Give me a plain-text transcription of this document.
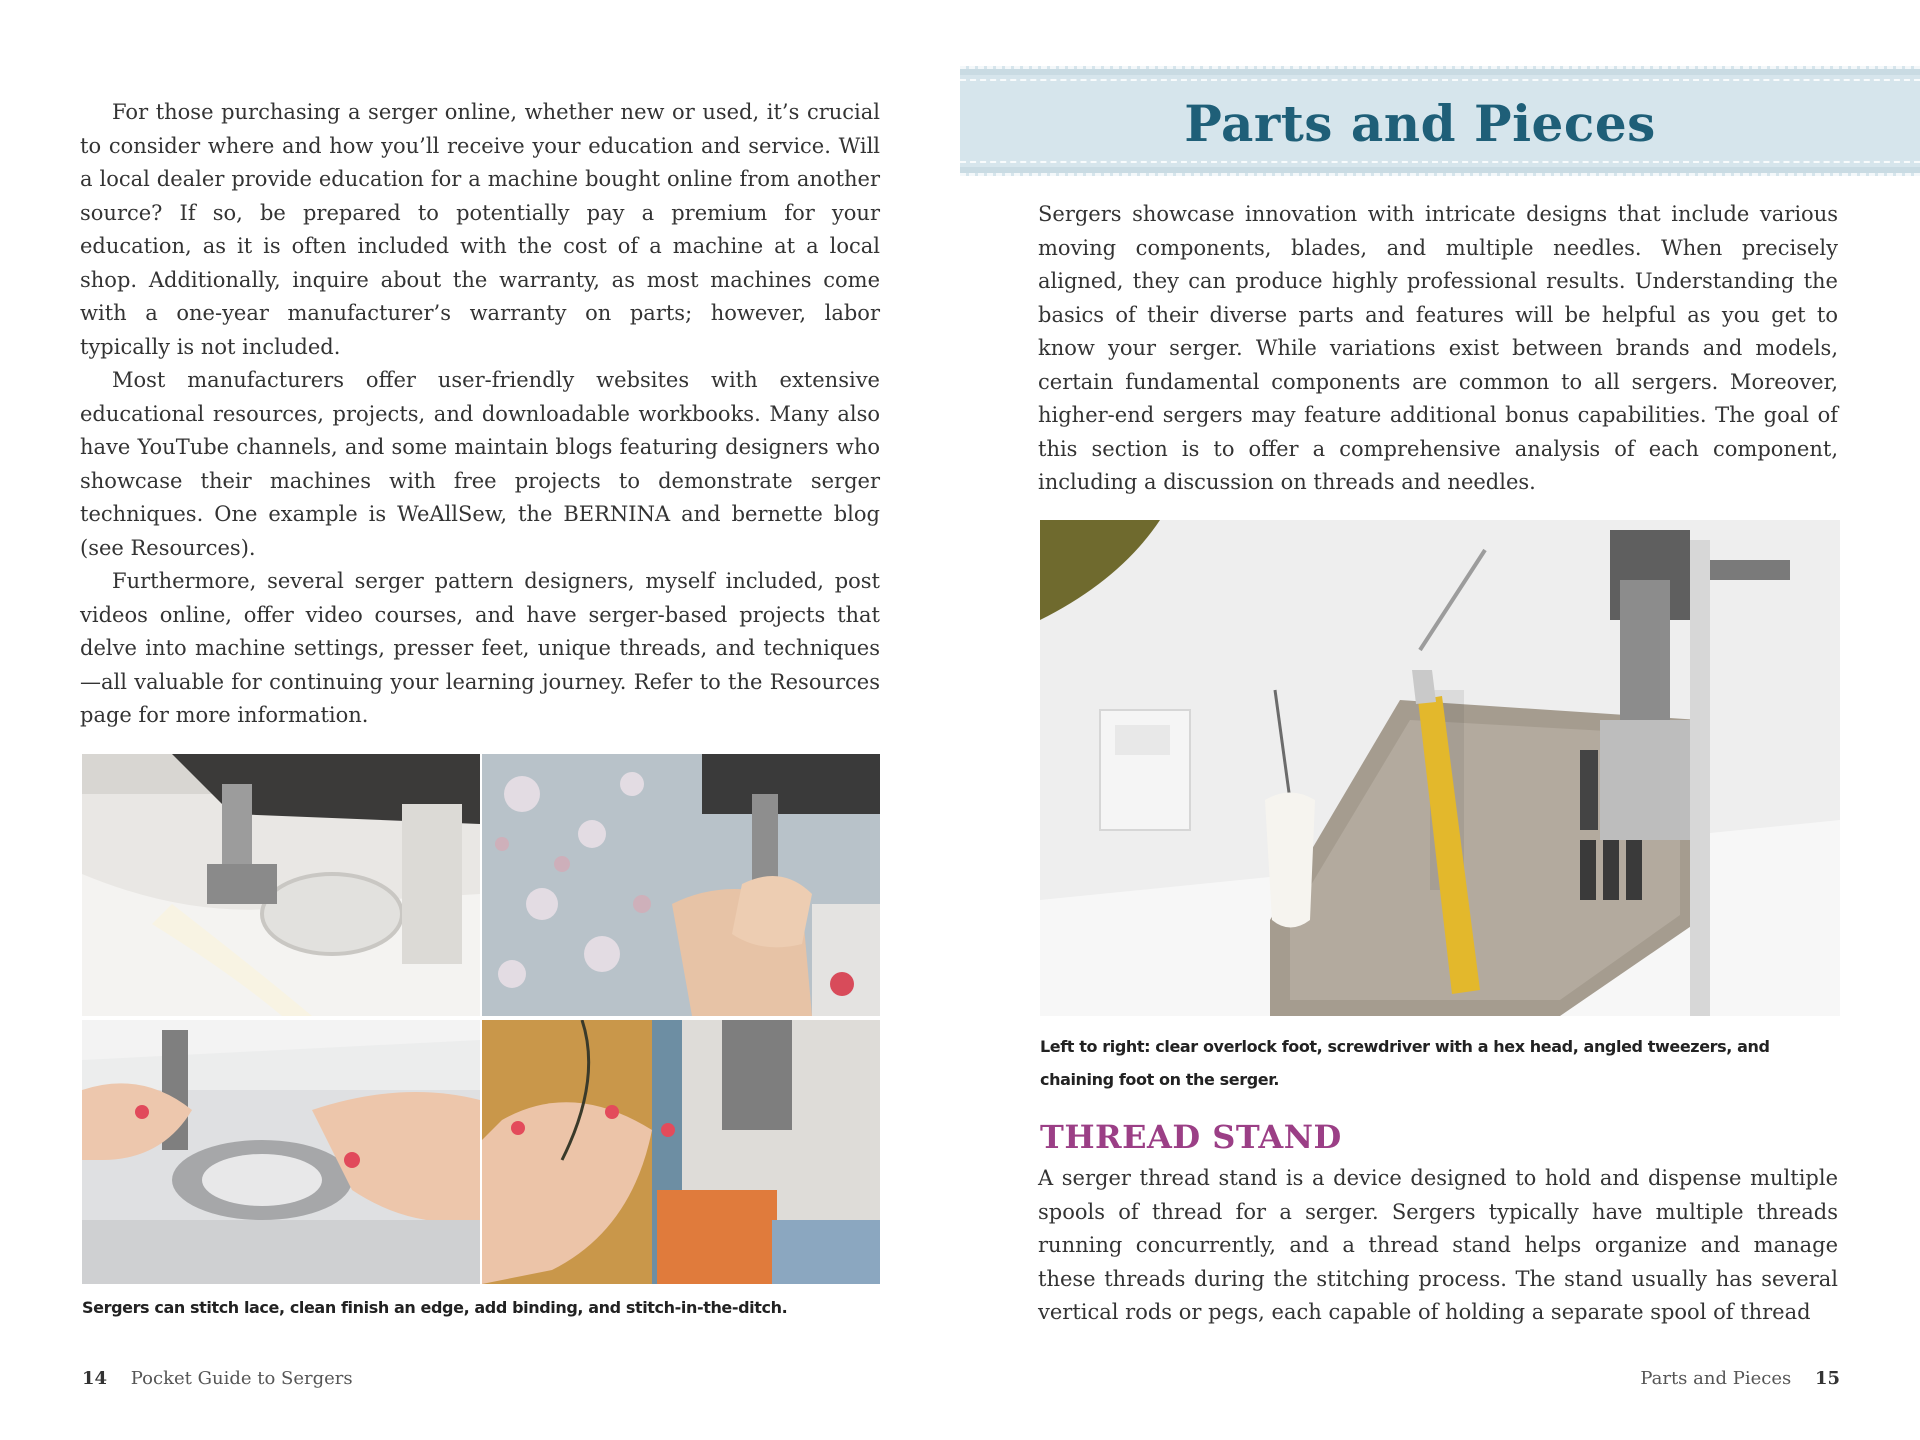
For those purchasing a serger online, whether new or used, it’s crucial to consider where and how you’ll receive your education and service. Will a local dealer provide education for a machine bought online from another source? If so, be prepared to potentially pay a premium for your education, as it is often included with the cost of a machine at a local shop. Additionally, inquire about the warranty, as most machines come with a one-year manufacturer’s warranty on parts; however, labor typically is not included.

Most manufacturers offer user-friendly websites with extensive educational resources, projects, and downloadable workbooks. Many also have YouTube channels, and some maintain blogs featuring designers who showcase their machines with free projects to demonstrate serger techniques. One example is WeAllSew, the BERNINA and bernette blog (see Resources).

Furthermore, several serger pattern designers, myself included, post videos online, offer video courses, and have serger-based projects that delve into machine settings, presser feet, unique threads, and techniques—all valuable for continuing your learning journey. Refer to the Resources page for more information.

Sergers can stitch lace, clean finish an edge, add binding, and stitch-in-the-ditch.
14 Pocket Guide to Sergers
Parts and Pieces

Sergers showcase innovation with intricate designs that include various moving components, blades, and multiple needles. When precisely aligned, they can produce highly professional results. Understanding the basics of their diverse parts and features will be helpful as you get to know your serger. While variations exist between brands and models, certain fundamental components are common to all sergers. Moreover, higher-end sergers may feature additional bonus capabilities. The goal of this section is to offer a comprehensive analysis of each component, including a discussion on threads and needles.

Left to right: clear overlock foot, screwdriver with a hex head, angled tweezers, and chaining foot on the serger.
THREAD STAND

A serger thread stand is a device designed to hold and dispense multiple spools of thread for a serger. Sergers typically have multiple threads running concurrently, and a thread stand helps organize and manage these threads during the stitching process. The stand usually has several vertical rods or pegs, each capable of holding a separate spool of thread

Parts and Pieces 15
